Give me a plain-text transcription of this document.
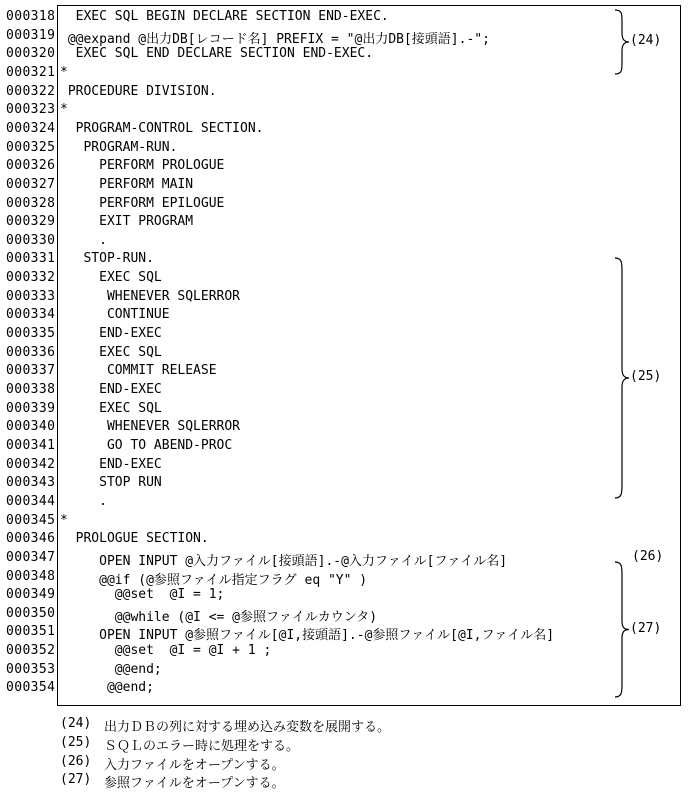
000318 EXEC SQL BEGIN DECLARE SECTION END-EXEC.
000319 @@expand @出力DB[レコード名] PREFIX = "@出力DB[接頭語].-";
000320 EXEC SQL END DECLARE SECTION END-EXEC.
000321 *
000322 PROCEDURE DIVISION.
000323 *
000324 PROGRAM-CONTROL SECTION.
000325 PROGRAM-RUN.
000326 PERFORM PROLOGUE
000327 PERFORM MAIN
000328 PERFORM EPILOGUE
000329 EXIT PROGRAM
000330 .
000331 STOP-RUN.
000332 EXEC SQL
000333 WHENEVER SQLERROR
000334 CONTINUE
000335 END-EXEC
000336 EXEC SQL
000337 COMMIT RELEASE
000338 END-EXEC
000339 EXEC SQL
000340 WHENEVER SQLERROR
000341 GO TO ABEND-PROC
000342 END-EXEC
000343 STOP RUN
000344 .
000345 *
000346 PROLOGUE SECTION.
000347 OPEN INPUT @入力ファイル[接頭語].-@入力ファイル[ファイル名]
000348 @@if (@参照ファイル指定フラグ eq "Y" )
000349 @@set  @I = 1;
000350 @@while (@I <= @参照ファイルカウンタ)
000351 OPEN INPUT @参照ファイル[@I,接頭語].-@参照ファイル[@I,ファイル名]
000352 @@set  @I = @I + 1 ;
000353 @@end;
000354 @@end;
(24)
(25)
(26)
(27)
(24) 出力ＤＢの列に対する埋め込み変数を展開する。
(25) ＳＱＬのエラー時に処理をする。
(26) 入力ファイルをオープンする。
(27) 参照ファイルをオープンする。
